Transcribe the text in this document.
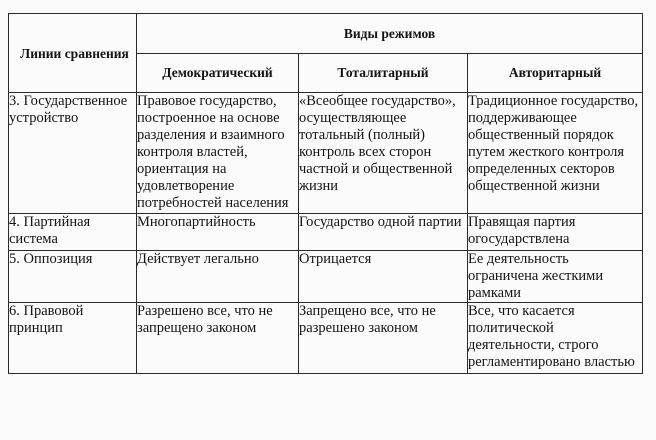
Линии сравнения	Виды режимов		
	Демократический	Тоталитарный	Авторитарный

3. Государственное устройство	Правовое государство, построенное на основе разделения и взаимного контроля властей, ориентация на удовлетворение потребностей населения	«Всеобщее государство», осуществляющее тотальный (полный) контроль всех сторон частной и общественной жизни	Традиционное государство, поддерживающее общественный порядок путем жесткого контроля определенных секторов общественной жизни

4. Партийная система	Многопартийность	Государство одной партии	Правящая партия огосударствлена

5. Оппозиция	Действует легально	Отрицается	Ее деятельность ограничена жесткими рамками

6. Правовой принцип	Разрешено все, что не запрещено законом	Запрещено все, что не разрешено законом	Все, что касается политической деятельности, строго регламентировано властью
